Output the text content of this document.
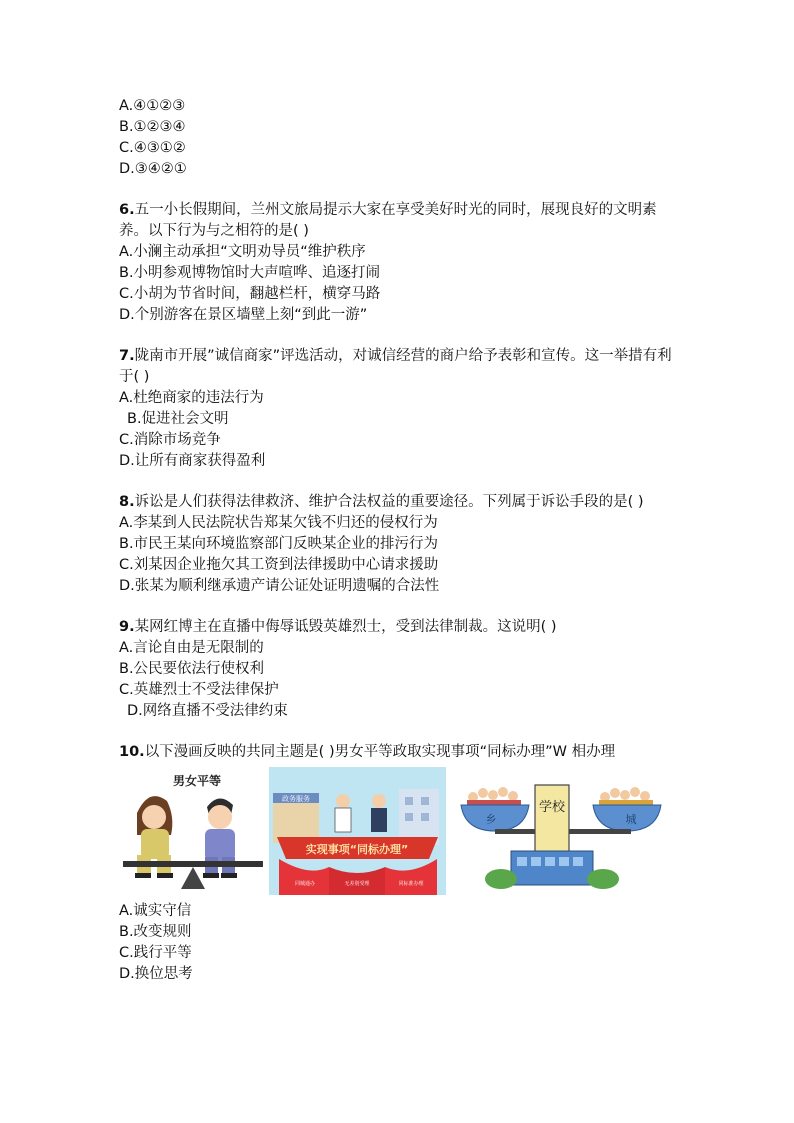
A.④①②③
B.①②③④
C.④③①②
D.③④②①
6.五一小长假期间，兰州文旅局提示大家在享受美好时光的同时，展现良好的文明素养。以下行为与之相符的是( )
A.小澜主动承担“文明劝导员“维护秩序
B.小明参观博物馆时大声喧哗、追逐打闹
C.小胡为节省时间，翻越栏杆，横穿马路
D.个别游客在景区墙壁上刻“到此一游”
7.陇南市开展”诚信商家”评选活动，对诚信经营的商户给予表彰和宣传。这一举措有利于( )
A.杜绝商家的违法行为
B.促进社会文明
C.消除市场竞争
D.让所有商家获得盈利
8.诉讼是人们获得法律救济、维护合法权益的重要途径。下列属于诉讼手段的是( )
A.李某到人民法院状告郑某欠钱不归还的侵权行为
B.市民王某向环境监察部门反映某企业的排污行为
C.刘某因企业拖欠其工资到法律援助中心请求援助
D.张某为顺利继承遗产请公证处证明遗嘱的合法性
9.某网红博主在直播中侮辱诋毁英雄烈士，受到法律制裁。这说明( )
A.言论自由是无限制的
B.公民要依法行使权利
C.英雄烈士不受法律保护
D.网络直播不受法律约束
10.以下漫画反映的共同主题是( )男女平等政取实现事项“同标办理”W 相办理
男女平等
政务服务
实现事项“同标办理”
同城通办	无差别受理	同标准办理
乡	城
学校
A.诚实守信
B.改变规则
C.践行平等
D.换位思考
